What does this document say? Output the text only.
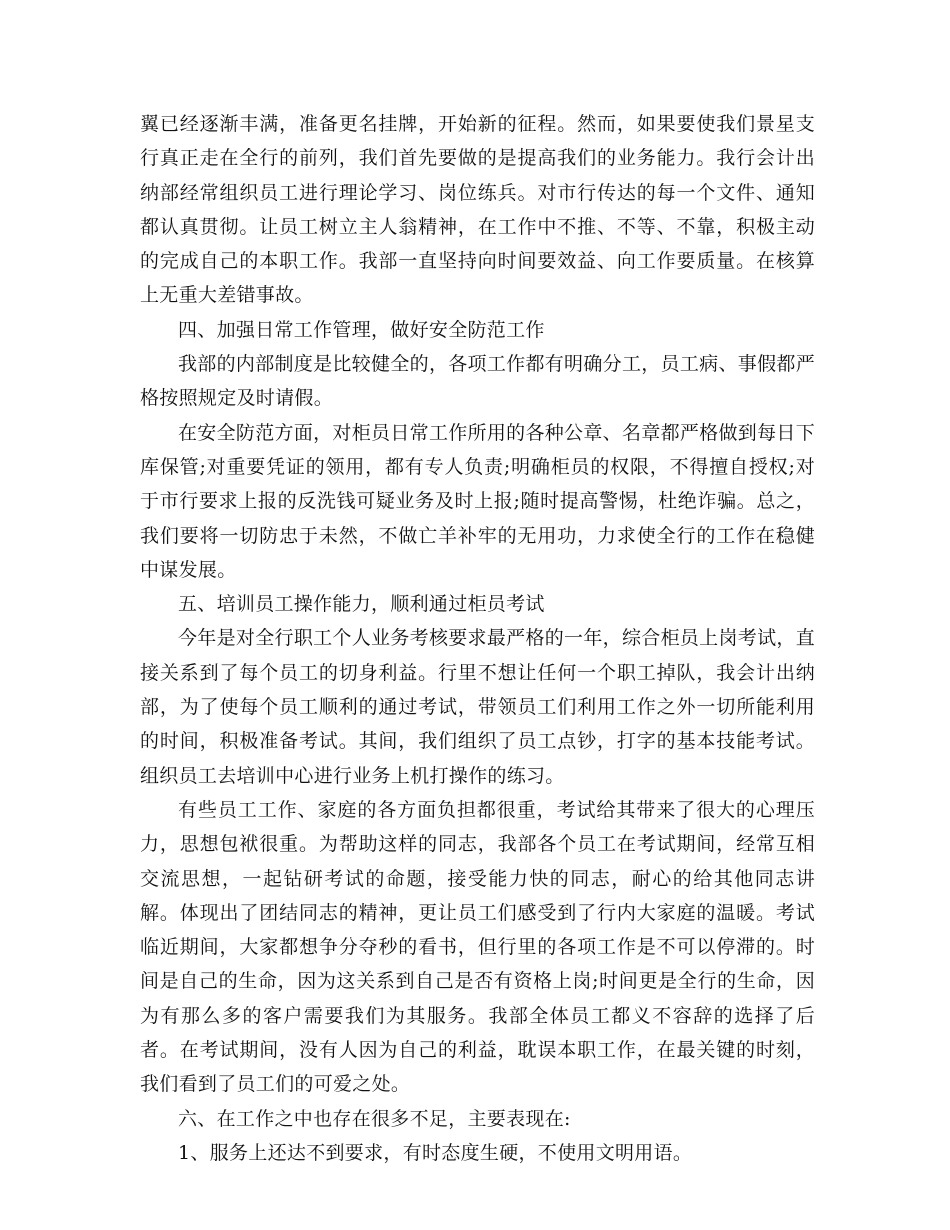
翼已经逐渐丰满，准备更名挂牌，开始新的征程。然而，如果要使我们景星支行真正走在全行的前列，我们首先要做的是提高我们的业务能力。我行会计出纳部经常组织员工进行理论学习、岗位练兵。对市行传达的每一个文件、通知都认真贯彻。让员工树立主人翁精神，在工作中不推、不等、不靠，积极主动的完成自己的本职工作。我部一直坚持向时间要效益、向工作要质量。在核算上无重大差错事故。

四、加强日常工作管理，做好安全防范工作

我部的内部制度是比较健全的，各项工作都有明确分工，员工病、事假都严格按照规定及时请假。

在安全防范方面，对柜员日常工作所用的各种公章、名章都严格做到每日下库保管;对重要凭证的领用，都有专人负责;明确柜员的权限，不得擅自授权;对于市行要求上报的反洗钱可疑业务及时上报;随时提高警惕，杜绝诈骗。总之，我们要将一切防忠于未然，不做亡羊补牢的无用功，力求使全行的工作在稳健中谋发展。

五、培训员工操作能力，顺利通过柜员考试

今年是对全行职工个人业务考核要求最严格的一年，综合柜员上岗考试，直接关系到了每个员工的切身利益。行里不想让任何一个职工掉队，我会计出纳部，为了使每个员工顺利的通过考试，带领员工们利用工作之外一切所能利用的时间，积极准备考试。其间，我们组织了员工点钞，打字的基本技能考试。组织员工去培训中心进行业务上机打操作的练习。

有些员工工作、家庭的各方面负担都很重，考试给其带来了很大的心理压力，思想包袱很重。为帮助这样的同志，我部各个员工在考试期间，经常互相交流思想，一起钻研考试的命题，接受能力快的同志，耐心的给其他同志讲解。体现出了团结同志的精神，更让员工们感受到了行内大家庭的温暖。考试临近期间，大家都想争分夺秒的看书，但行里的各项工作是不可以停滞的。时间是自己的生命，因为这关系到自己是否有资格上岗;时间更是全行的生命，因为有那么多的客户需要我们为其服务。我部全体员工都义不容辞的选择了后者。在考试期间，没有人因为自己的利益，耽误本职工作，在最关键的时刻，我们看到了员工们的可爱之处。

六、在工作之中也存在很多不足，主要表现在:

1、服务上还达不到要求，有时态度生硬，不使用文明用语。
